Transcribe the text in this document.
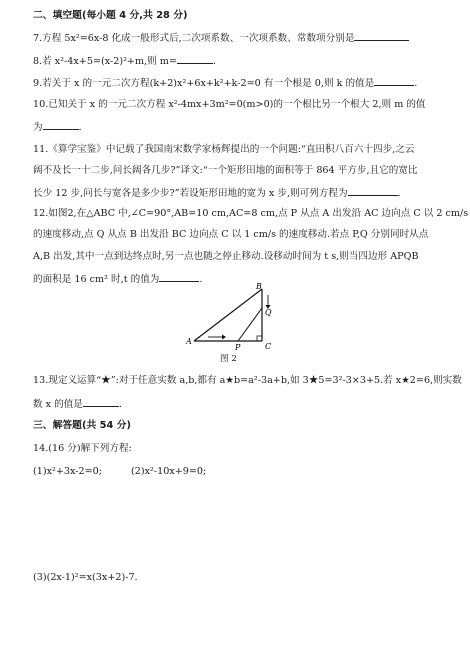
二、填空题(每小题 4 分,共 28 分)
7.方程 5x²=6x-8 化成一般形式后,二次项系数、一次项系数、常数项分别是
8.若 x²-4x+5=(x-2)²+m,则 m=	.
9.若关于 x 的一元二次方程(k+2)x²+6x+k²+k-2=0 有一个根是 0,则 k 的值是	.
10.已知关于 x 的一元二次方程 x²-4mx+3m²=0(m>0)的一个根比另一个根大 2,则 m 的值
为	.
11.《算学宝鉴》中记载了我国南宋数学家杨辉提出的一个问题:“直田积八百六十四步,之云
阔不及长一十二步,问长阔各几步?”译文:“一个矩形田地的面积等于 864 平方步,且它的宽比
长少 12 步,问长与宽各是多少步?”若设矩形田地的宽为 x 步,则可列方程为	.
12.如图2,在△ABC 中,∠C=90°,AB=10 cm,AC=8 cm,点 P 从点 A 出发沿 AC 边向点 C 以 2 cm/s
的速度移动,点 Q 从点 B 出发沿 BC 边向点 C 以 1 cm/s 的速度移动.若点 P,Q 分别同时从点
A,B 出发,其中一点到达终点时,另一点也随之停止移动.设移动时间为 t s,则当四边形 APQB
的面积是 16 cm² 时,t 的值为	.
A
B
C
P
Q
图 2
13.现定义运算“★”:对于任意实数 a,b,都有 a★b=a²-3a+b,如 3★5=3²-3×3+5.若 x★2=6,则实数
数 x 的值是	.
三、解答题(共 54 分)
14.(16 分)解下列方程:
(1)x²+3x-2=0;	(2)x²-10x+9=0;
(3)(2x-1)²=x(3x+2)-7.
